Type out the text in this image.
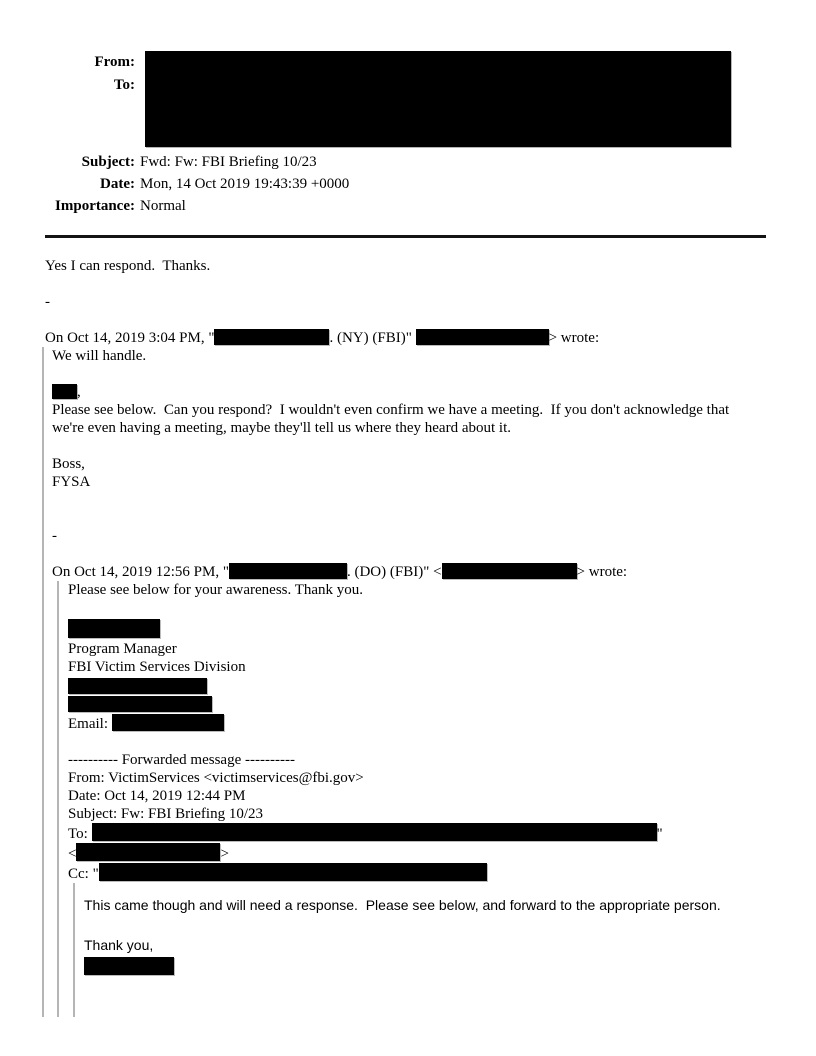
From:
To:
Subject: Fwd: Fw: FBI Briefing 10/23
Date: Mon, 14 Oct 2019 19:43:39 +0000
Importance: Normal
Yes I can respond.  Thanks.

-

On Oct 14, 2019 3:04 PM, "	. (NY) (FBI)"	> wrote:
We will handle.

,
Please see below.  Can you respond?  I wouldn't even confirm we have a meeting.  If you don't acknowledge that we're even having a meeting, maybe they'll tell us where they heard about it.

Boss,
FYSA

-

On Oct 14, 2019 12:56 PM, "	. (DO) (FBI)" <	> wrote:
Please see below for your awareness. Thank you.

Program Manager
FBI Victim Services Division
Email:

---------- Forwarded message ----------
From: VictimServices <victimservices@fbi.gov>
Date: Oct 14, 2019 12:44 PM
Subject: Fw: FBI Briefing 10/23
To:	"
<	>
Cc: "
This came though and will need a response.  Please see below, and forward to the appropriate person.

Thank you,
